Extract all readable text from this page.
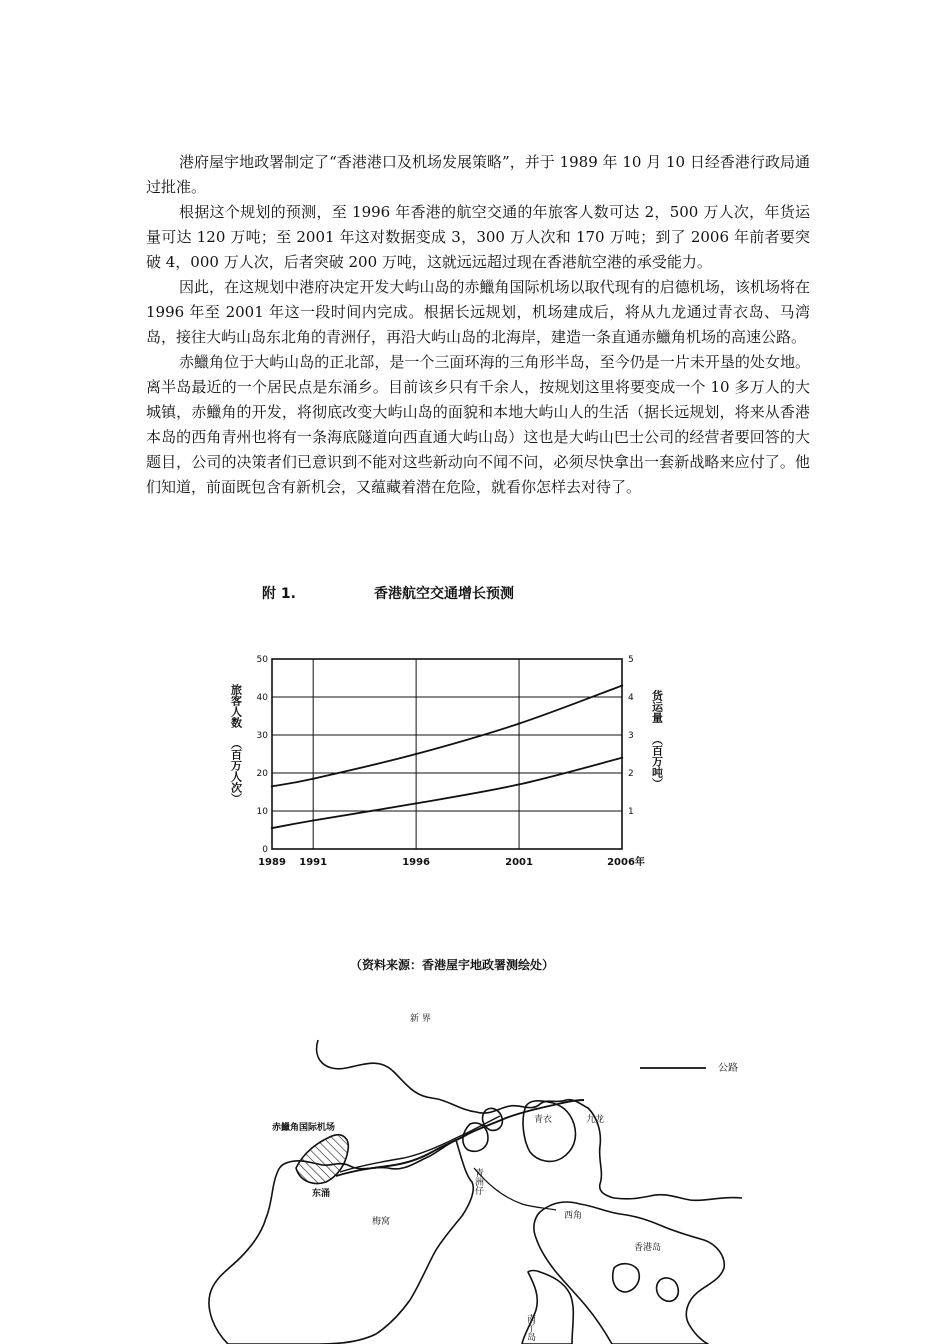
港府屋宇地政署制定了“香港港口及机场发展策略”，并于 1989 年 10 月 10 日经香港行政局通过批准。

根据这个规划的预测，至 1996 年香港的航空交通的年旅客人数可达 2，500 万人次，年货运量可达 120 万吨；至 2001 年这对数据变成 3，300 万人次和 170 万吨；到了 2006 年前者要突破 4，000 万人次，后者突破 200 万吨，这就远远超过现在香港航空港的承受能力。

因此，在这规划中港府决定开发大屿山岛的赤鱲角国际机场以取代现有的启德机场，该机场将在 1996 年至 2001 年这一段时间内完成。根据长远规划，机场建成后，将从九龙通过青衣岛、马湾岛，接往大屿山岛东北角的青洲仔，再沿大屿山岛的北海岸，建造一条直通赤鱲角机场的高速公路。

赤鱲角位于大屿山岛的正北部，是一个三面环海的三角形半岛，至今仍是一片未开垦的处女地。离半岛最近的一个居民点是东涌乡。目前该乡只有千余人，按规划这里将要变成一个 10 多万人的大城镇，赤鱲角的开发，将彻底改变大屿山岛的面貌和本地大屿山人的生活（据长远规划，将来从香港本岛的西角青州也将有一条海底隧道向西直通大屿山岛）这也是大屿山巴士公司的经营者要回答的大题目，公司的决策者们已意识到不能对这些新动向不闻不问，必须尽快拿出一套新战略来应付了。他们知道，前面既包含有新机会，又蕴藏着潜在危险，就看你怎样去对待了。

附 1.	香港航空交通增长预测
1989 1991	1996	2001	2006年
0
10
20
30
40
50
1
2
3
4
5
旅客人数
（百万人次）
货运量
（百万吨）
（资料来源：香港屋宇地政署测绘处）
公路
新 界
赤鱲角国际机场
东涌
青衣	九龙
青洲仔
梅窝
香港岛
西角
南丫岛
